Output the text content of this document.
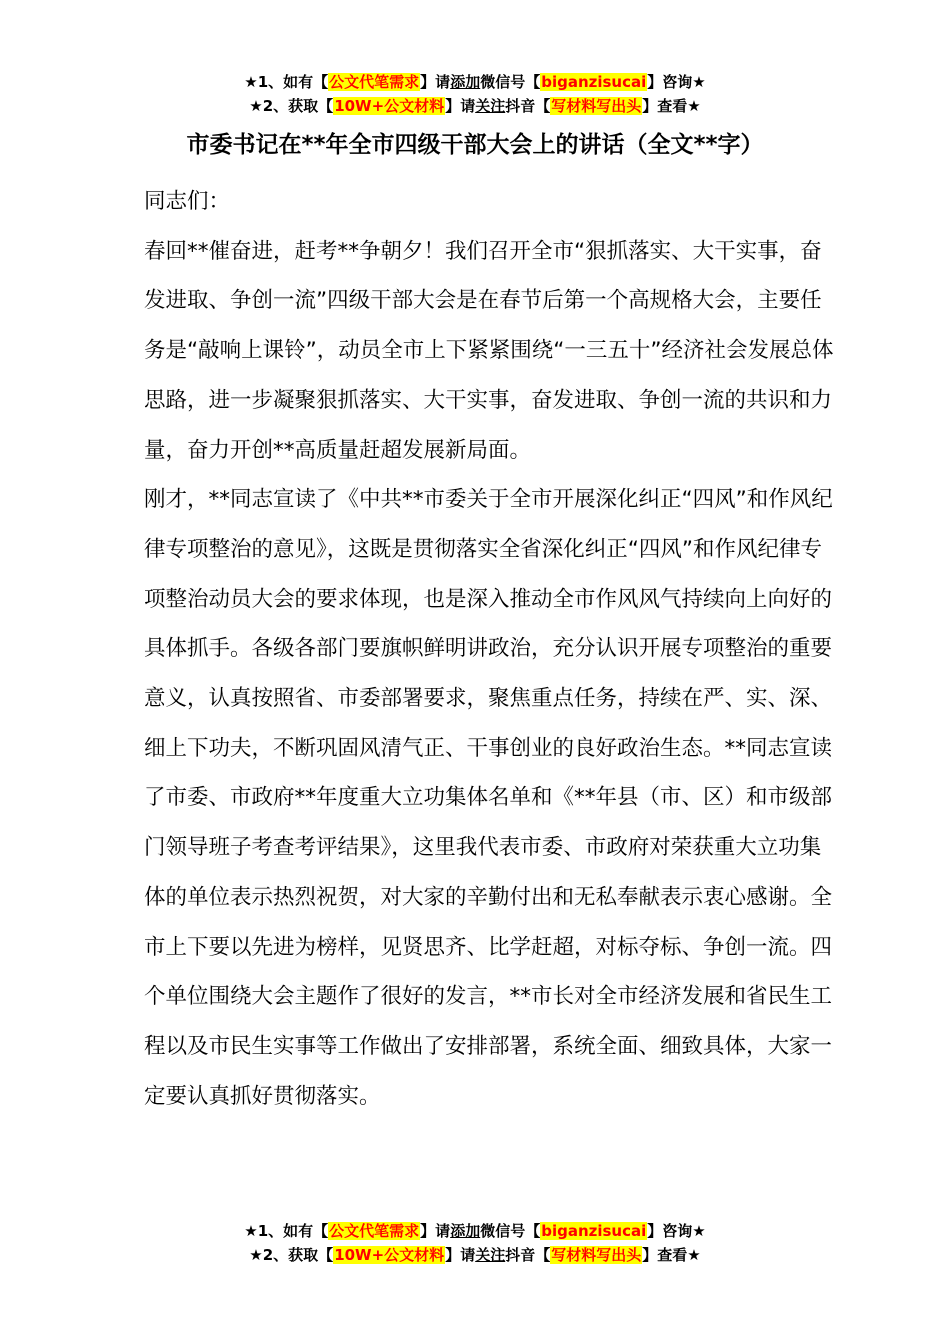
★1、如有【公文代笔需求】请添加微信号【biganzisucai】咨询★
★2、获取【10W+公文材料】请关注抖音【写材料写出头】查看★
市委书记在**年全市四级干部大会上的讲话（全文**字）

同志们：

春回**催奋进，赶考**争朝夕！我们召开全市“狠抓落实、大干实事，奋发进取、争创一流”四级干部大会是在春节后第一个高规格大会，主要任务是“敲响上课铃”，动员全市上下紧紧围绕“一三五十”经济社会发展总体思路，进一步凝聚狠抓落实、大干实事，奋发进取、争创一流的共识和力量，奋力开创**高质量赶超发展新局面。

刚才，**同志宣读了《中共**市委关于全市开展深化纠正“四风”和作风纪律专项整治的意见》，这既是贯彻落实全省深化纠正“四风”和作风纪律专项整治动员大会的要求体现，也是深入推动全市作风风气持续向上向好的具体抓手。各级各部门要旗帜鲜明讲政治，充分认识开展专项整治的重要意义，认真按照省、市委部署要求，聚焦重点任务，持续在严、实、深、细上下功夫，不断巩固风清气正、干事创业的良好政治生态。**同志宣读了市委、市政府**年度重大立功集体名单和《**年县（市、区）和市级部门领导班子考查考评结果》，这里我代表市委、市政府对荣获重大立功集体的单位表示热烈祝贺，对大家的辛勤付出和无私奉献表示衷心感谢。全市上下要以先进为榜样，见贤思齐、比学赶超，对标夺标、争创一流。四个单位围绕大会主题作了很好的发言，**市长对全市经济发展和省民生工程以及市民生实事等工作做出了安排部署，系统全面、细致具体，大家一定要认真抓好贯彻落实。

★1、如有【公文代笔需求】请添加微信号【biganzisucai】咨询★
★2、获取【10W+公文材料】请关注抖音【写材料写出头】查看★
